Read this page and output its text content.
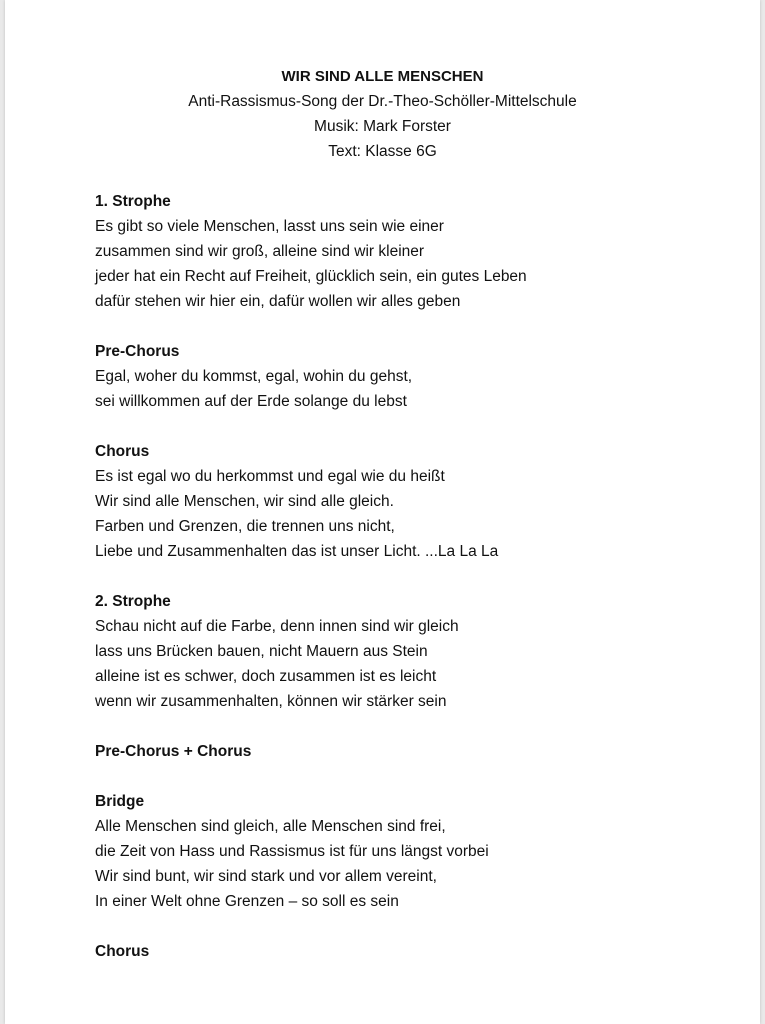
WIR SIND ALLE MENSCHEN
Anti-Rassismus-Song der Dr.-Theo-Schöller-Mittelschule
Musik: Mark Forster
Text: Klasse 6G
1. Strophe
Es gibt so viele Menschen, lasst uns sein wie einer
zusammen sind wir groß, alleine sind wir kleiner
jeder hat ein Recht auf Freiheit, glücklich sein, ein gutes Leben
dafür stehen wir hier ein, dafür wollen wir alles geben
Pre-Chorus
Egal, woher du kommst, egal, wohin du gehst,
sei willkommen auf der Erde solange du lebst
Chorus
Es ist egal wo du herkommst und egal wie du heißt
Wir sind alle Menschen, wir sind alle gleich.
Farben und Grenzen, die trennen uns nicht,
Liebe und Zusammenhalten das ist unser Licht. ...La La La
2. Strophe
Schau nicht auf die Farbe, denn innen sind wir gleich
lass uns Brücken bauen, nicht Mauern aus Stein
alleine ist es schwer, doch zusammen ist es leicht
wenn wir zusammenhalten, können wir stärker sein
Pre-Chorus + Chorus
Bridge
Alle Menschen sind gleich, alle Menschen sind frei,
die Zeit von Hass und Rassismus ist für uns längst vorbei
Wir sind bunt, wir sind stark und vor allem vereint,
In einer Welt ohne Grenzen – so soll es sein
Chorus
